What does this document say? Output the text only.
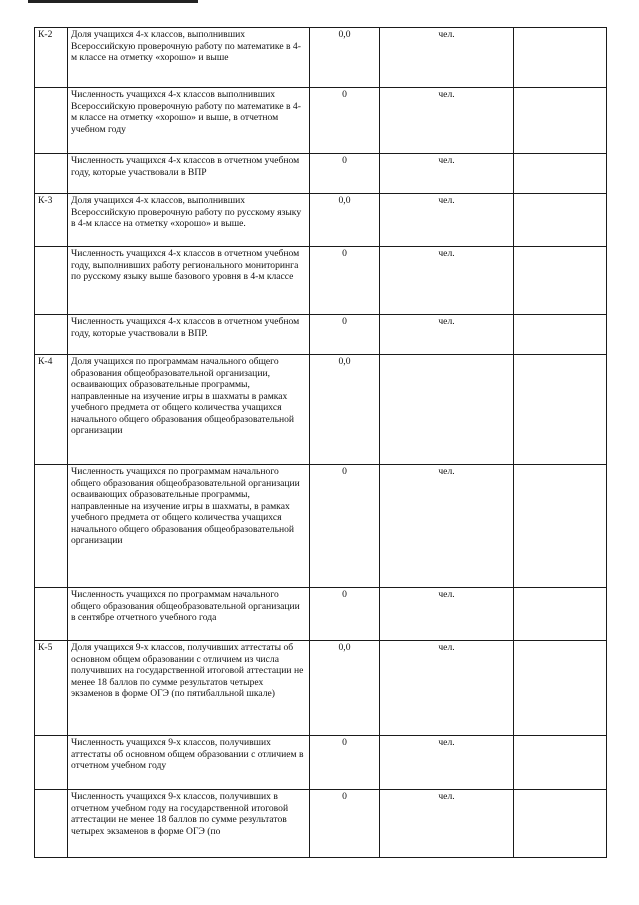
К-2	Доля учащихся 4-х классов, выполнивших Всероссийскую проверочную работу по математике в 4-м классе на отметку «хорошо» и выше	0,0	чел.	
	Численность учащихся 4-х классов выполнивших Всероссийскую проверочную работу по математике в 4-м классе на отметку «хорошо» и выше, в отчетном учебном году	0	чел.	
	Численность учащихся 4-х классов в отчетном учебном году, которые участвовали в ВПР	0	чел.	
К-3	Доля учащихся 4-х классов, выполнивших Всероссийскую проверочную работу по русскому языку в 4-м классе на отметку «хорошо» и выше.	0,0	чел.	
	Численность учащихся 4-х классов в отчетном учебном году, выполнивших работу регионального мониторинга по русскому языку выше базового уровня в 4-м классе	0	чел.	
	Численность учащихся 4-х классов в отчетном учебном году, которые участвовали в ВПР.	0	чел.	
К-4	Доля учащихся по программам начального общего образования общеобразовательной организации, осваивающих образовательные программы, направленные на изучение игры в шахматы в рамках учебного предмета от общего количества учащихся начального общего образования общеобразовательной организации	0,0		
	Численность учащихся по программам начального общего образования общеобразовательной организации осваивающих образовательные программы, направленные на изучение игры в шахматы, в рамках учебного предмета от общего количества учащихся начального общего образования общеобразовательной организации	0	чел.	
	Численность учащихся по программам начального общего образования общеобразовательной организации в сентябре отчетного учебного года	0	чел.	
К-5	Доля учащихся 9-х классов, получивших аттестаты об основном общем образовании с отличием из числа получивших на государственной итоговой аттестации не менее 18 баллов по сумме результатов четырех экзаменов в форме ОГЭ (по пятибалльной шкале)	0,0	чел.	
	Численность учащихся 9-х классов, получивших аттестаты об основном общем образовании с отличием в отчетном учебном году	0	чел.	
	Численность учащихся 9-х классов, получивших в отчетном учебном году на государственной итоговой аттестации не менее 18 баллов по сумме результатов четырех экзаменов в форме ОГЭ (по	0	чел.	
